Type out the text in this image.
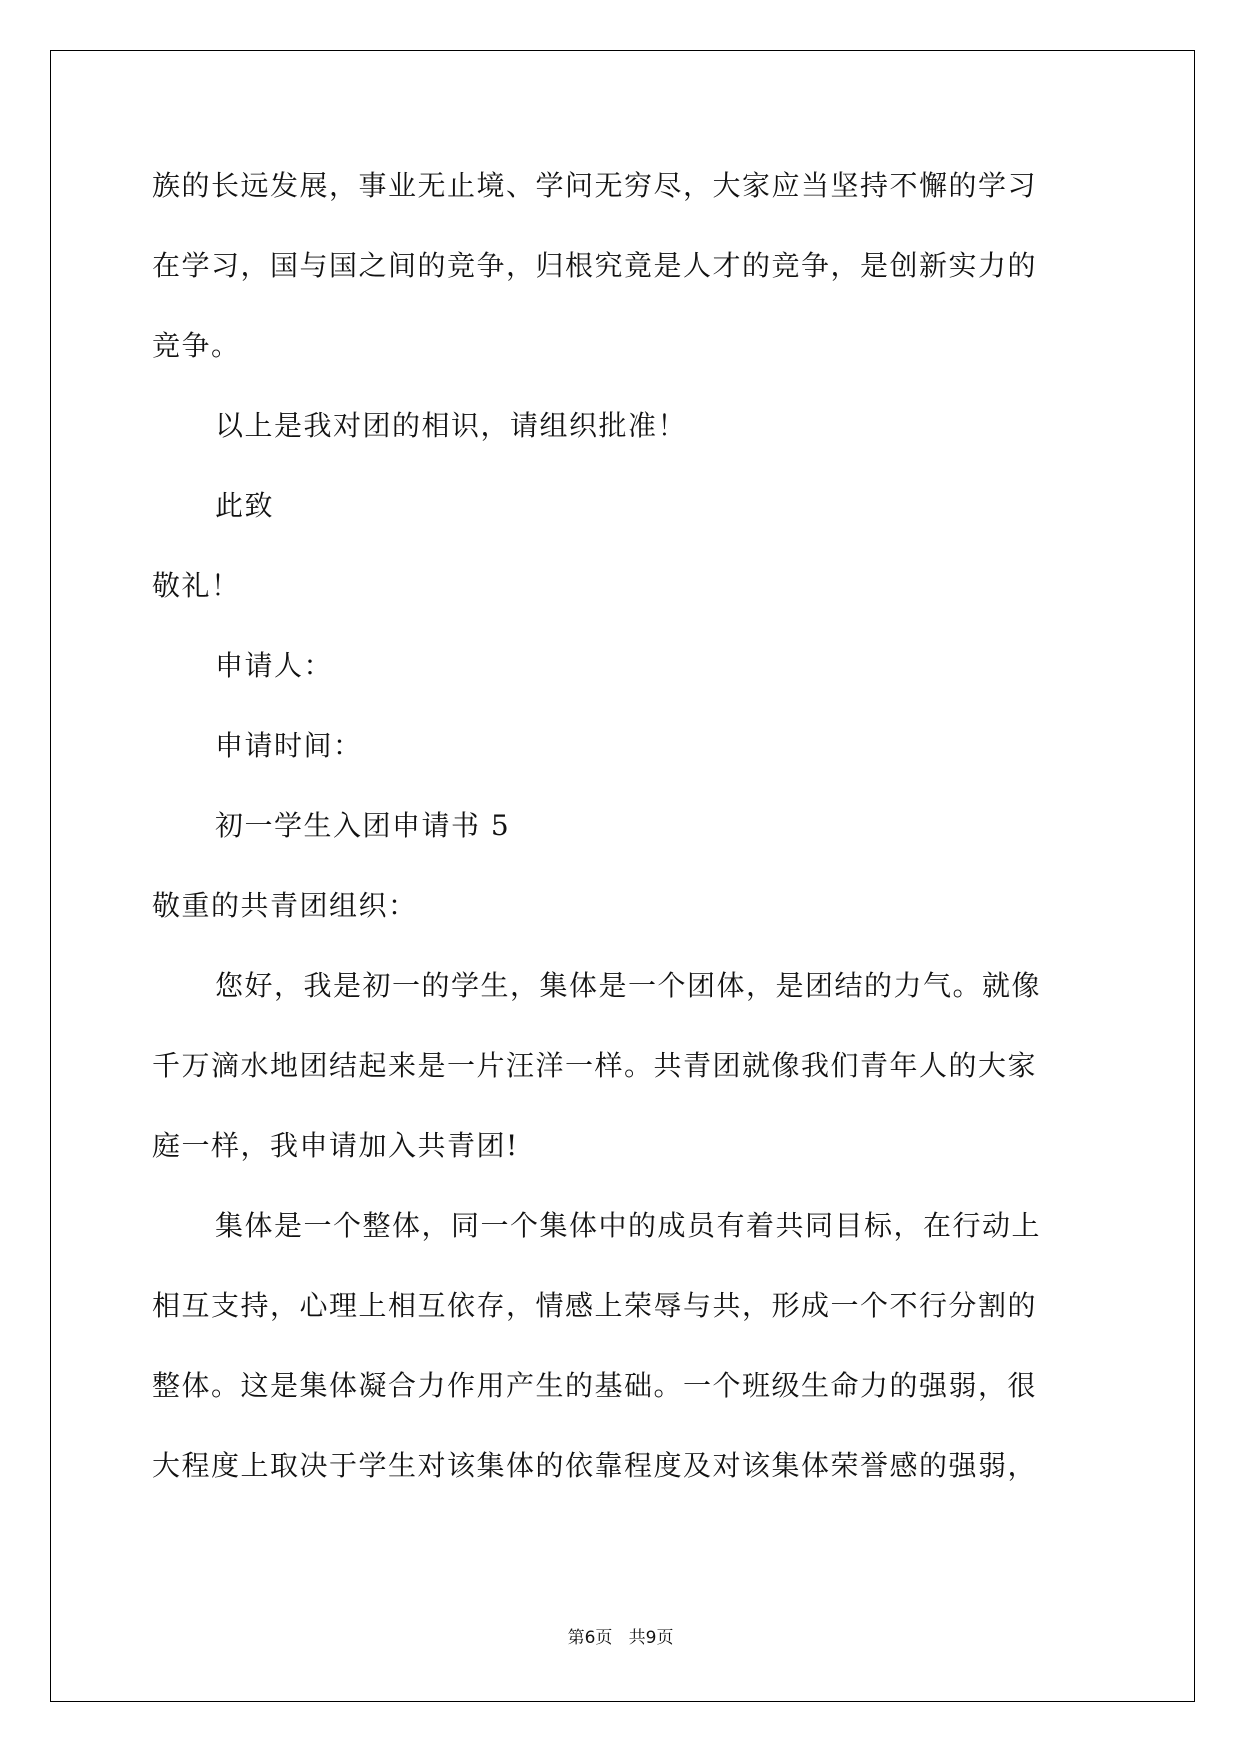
族的长远发展，事业无止境、学问无穷尽，大家应当坚持不懈的学习
在学习，国与国之间的竞争，归根究竟是人才的竞争，是创新实力的
竞争。
以上是我对团的相识，请组织批准！
此致
敬礼！
申请人：
申请时间：
初一学生入团申请书 5
敬重的共青团组织：
您好，我是初一的学生，集体是一个团体，是团结的力气。就像
千万滴水地团结起来是一片汪洋一样。共青团就像我们青年人的大家
庭一样，我申请加入共青团!
集体是一个整体，同一个集体中的成员有着共同目标，在行动上
相互支持，心理上相互依存，情感上荣辱与共，形成一个不行分割的
整体。这是集体凝合力作用产生的基础。一个班级生命力的强弱，很
大程度上取决于学生对该集体的依靠程度及对该集体荣誉感的强弱，
第6页 共9页
